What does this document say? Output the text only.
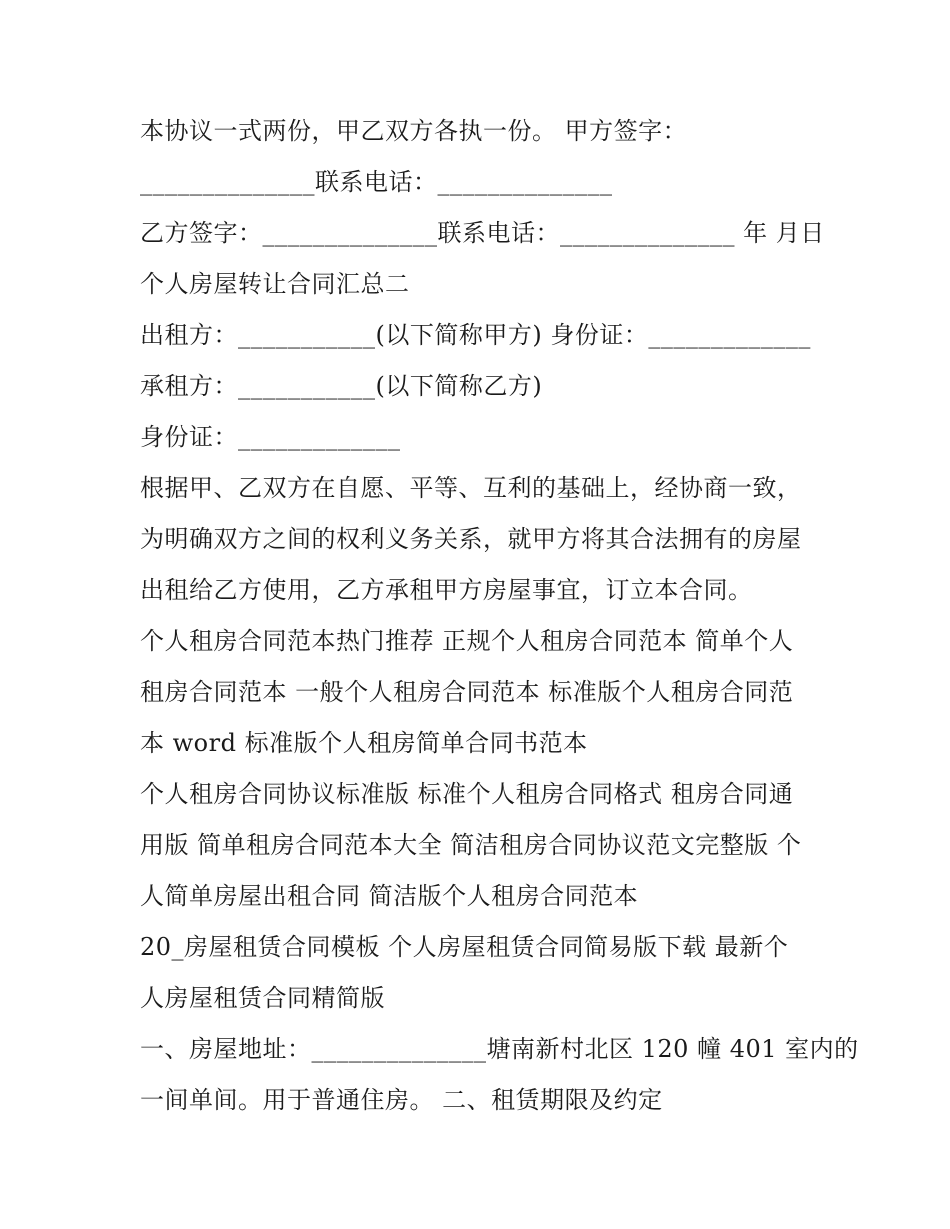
本协议一式两份，甲乙双方各执一份。 甲方签字：
______________联系电话：______________
乙方签字：______________联系电话：______________ 年 月日
个人房屋转让合同汇总二
出租方：___________(以下简称甲方) 身份证：_____________
承租方：___________(以下简称乙方)
身份证：_____________
根据甲、乙双方在自愿、平等、互利的基础上，经协商一致，
为明确双方之间的权利义务关系，就甲方将其合法拥有的房屋
出租给乙方使用，乙方承租甲方房屋事宜，订立本合同。
个人租房合同范本热门推荐 正规个人租房合同范本 简单个人
租房合同范本 一般个人租房合同范本 标准版个人租房合同范
本 word 标准版个人租房简单合同书范本
个人租房合同协议标准版 标准个人租房合同格式 租房合同通
用版 简单租房合同范本大全 简洁租房合同协议范文完整版 个
人简单房屋出租合同 简洁版个人租房合同范本
20_房屋租赁合同模板 个人房屋租赁合同简易版下载 最新个
人房屋租赁合同精简版
一、房屋地址：______________塘南新村北区 120 幢 401 室内的
一间单间。用于普通住房。 二、租赁期限及约定
